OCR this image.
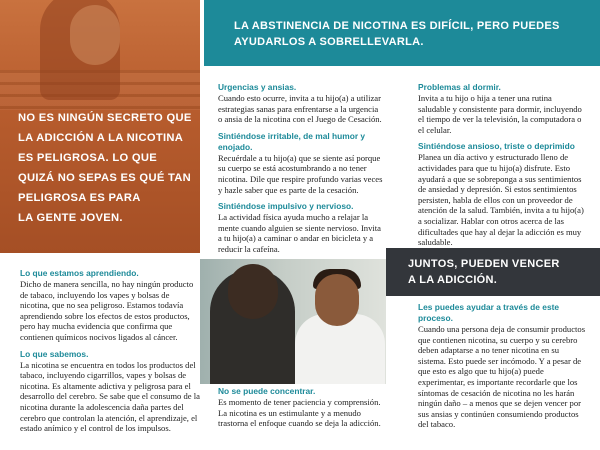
NO ES NINGÚN SECRETO QUE
LA ADICCIÓN A LA NICOTINA
ES PELIGROSA. LO QUE
QUIZÁ NO SEPAS ES QUÉ TAN
PELIGROSA ES PARA
LA GENTE JOVEN.
LA ABSTINENCIA DE NICOTINA ES DIFÍCIL, PERO PUEDES
AYUDARLOS A SOBRELLEVARLA.

Lo que estamos aprendiendo.

Dicho de manera sencilla, no hay ningún producto de tabaco, incluyendo los vapes y bolsas de nicotina, que no sea peligroso. Estamos todavía aprendiendo sobre los efectos de estos productos, pero hay mucha evidencia que confirma que contienen químicos nocivos ligados al cáncer.

Lo que sabemos.

La nicotina se encuentra en todos los productos del tabaco, incluyendo cigarrillos, vapes y bolsas de nicotina. Es altamente adictiva y peligrosa para el desarrollo del cerebro. Se sabe que el consumo de la nicotina durante la adolescencia daña partes del cerebro que controlan la atención, el aprendizaje, el estado anímico y el control de los impulsos.

Urgencias y ansias.

Cuando esto ocurre, invita a tu hijo(a) a utilizar estrategias sanas para enfrentarse a la urgencia o ansia de la nicotina con el Juego de Cesación.

Sintiéndose irritable, de mal humor y enojado.

Recuérdale a tu hijo(a) que se siente así porque su cuerpo se está acostumbrando a no tener nicotina. Dile que respire profundo varias veces y hazle saber que es parte de la cesación.

Sintiéndose impulsivo y nervioso.

La actividad física ayuda mucho a relajar la mente cuando alguien se siente nervioso. Invita a tu hijo(a) a caminar o andar en bicicleta y a reducir la cafeína.

No se puede concentrar.

Es momento de tener paciencia y comprensión. La nicotina es un estimulante y a menudo trastorna el enfoque cuando se deja la adicción.

Problemas al dormir.

Invita a tu hijo o hija a tener una rutina saludable y consistente para dormir, incluyendo el tiempo de ver la televisión, la computadora o el celular.

Sintiéndose ansioso, triste o deprimido

Planea un día activo y estructurado lleno de actividades para que tu hijo(a) disfrute. Esto ayudará a que se sobreponga a sus sentimientos de ansiedad y depresión. Si estos sentimientos persisten, habla de ellos con un proveedor de atención de la salud. También, invita a tu hijo(a) a socializar. Hablar con otros acerca de las dificultades que hay al dejar la adicción es muy saludable.

JUNTOS, PUEDEN VENCER
A LA ADICCIÓN.

Les puedes ayudar a través de este proceso.

Cuando una persona deja de consumir productos que contienen nicotina, su cuerpo y su cerebro deben adaptarse a no tener nicotina en su sistema. Esto puede ser incómodo. Y a pesar de que esto es algo que tu hijo(a) puede experimentar, es importante recordarle que los síntomas de cesación de nicotina no les harán ningún daño – a menos que se dejen vencer por sus ansias y continúen consumiendo productos del tabaco.
